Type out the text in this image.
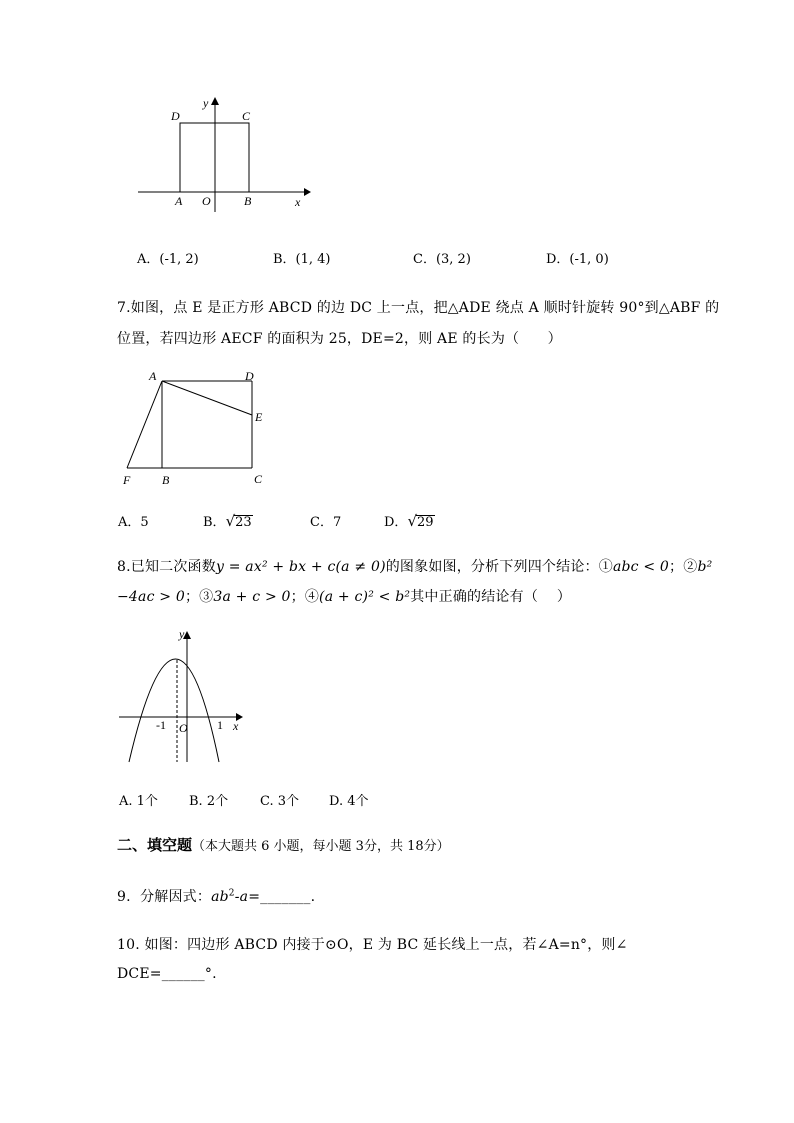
y
D	C
A O	B	x
A．(-1, 2)	B．(1, 4)	C．(3, 2)	D．(-1, 0)
7.如图，点 E 是正方形 ABCD 的边 DC 上一点，把△ADE 绕点 A 顺时针旋转 90°到△ABF 的
位置，若四边形 AECF 的面积为 25，DE=2，则 AE 的长为（　　）
A	D
E
F	B	C
A．5	B．√23	C．7	D．√29
8.已知二次函数y = ax² + bx + c(a ≠ 0)的图象如图，分析下列四个结论：①abc < 0；②b²
−4ac > 0；③3a + c > 0；④(a + c)² < b²其中正确的结论有（　 ）
y
-1 O 1 x
A. 1个 B. 2个 C. 3个 D. 4个
二、填空题（本大题共 6 小题，每小题 3分，共 18分）
9. 分解因式：$ab^2-a=\_\_\_\_\_\_\_$.
10. 如图：四边形 ABCD 内接于⊙O，E 为 BC 延长线上一点，若∠A=n°，则∠
DCE=______°.
